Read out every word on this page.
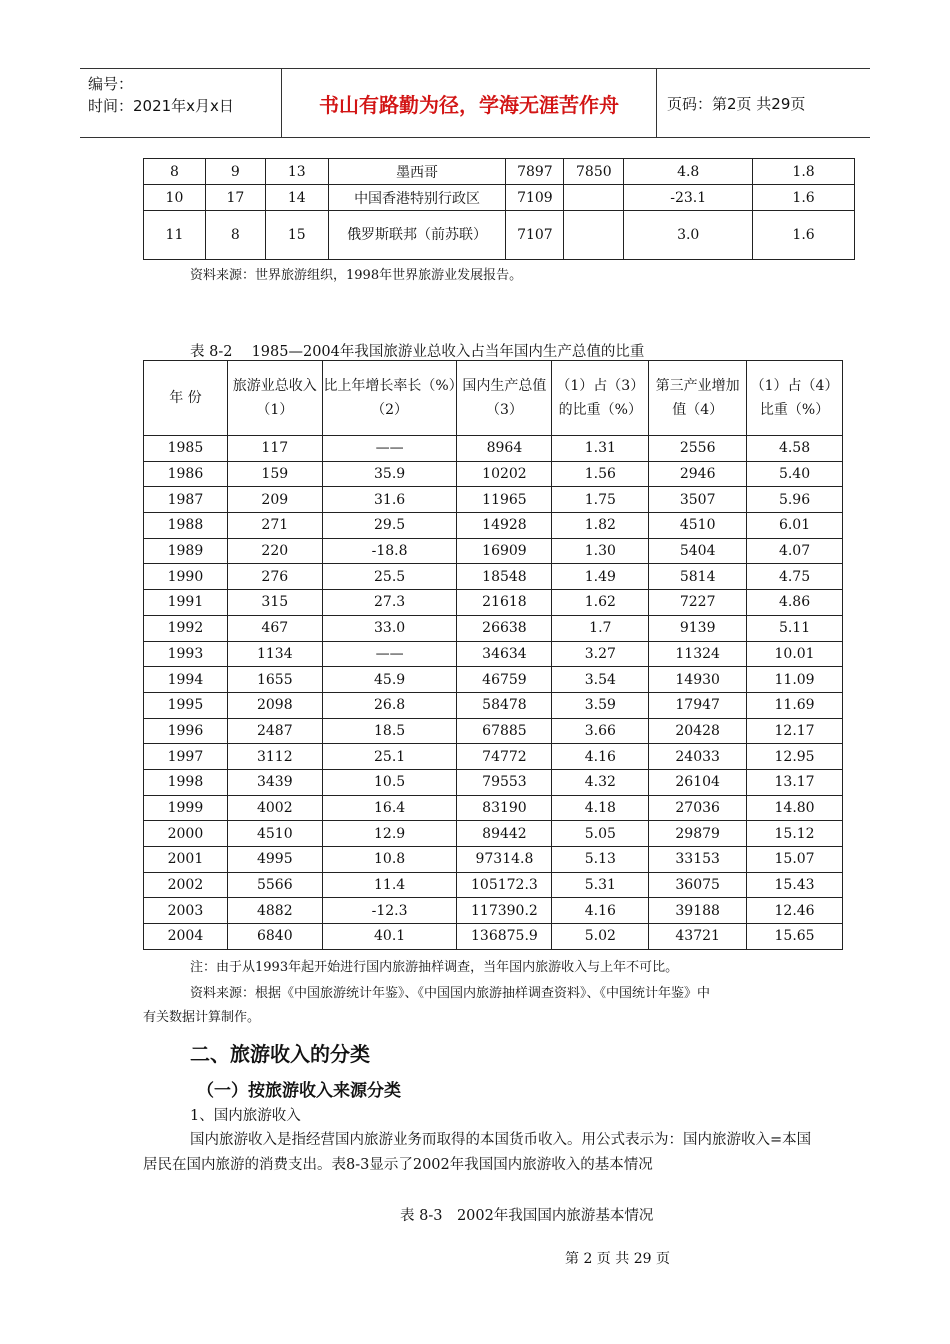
编号：
时间：2021年x月x日	书山有路勤为径，学海无涯苦作舟	页码：第2页 共29页
8	9	13	墨西哥	7897	7850	4.8	1.8
10	17	14	中国香港特别行政区	7109		-23.1	1.6
11	8	15	俄罗斯联邦（前苏联）	7107		3.0	1.6
资料来源：世界旅游组织，1998年世界旅游业发展报告。
表 8-2　 1985—2004年我国旅游业总收入占当年国内生产总值的比重
年 份	旅游业总收入（1）	比上年增长率长（%）（2）	国内生产总值（3）	（1）占（3）的比重（%）	第三产业增加值（4）	（1）占（4）比重（%）
1985	117	——	8964	1.31	2556	4.58
1986	159	35.9	10202	1.56	2946	5.40
1987	209	31.6	11965	1.75	3507	5.96
1988	271	29.5	14928	1.82	4510	6.01
1989	220	-18.8	16909	1.30	5404	4.07
1990	276	25.5	18548	1.49	5814	4.75
1991	315	27.3	21618	1.62	7227	4.86
1992	467	33.0	26638	1.7	9139	5.11
1993	1134	——	34634	3.27	11324	10.01
1994	1655	45.9	46759	3.54	14930	11.09
1995	2098	26.8	58478	3.59	17947	11.69
1996	2487	18.5	67885	3.66	20428	12.17
1997	3112	25.1	74772	4.16	24033	12.95
1998	3439	10.5	79553	4.32	26104	13.17
1999	4002	16.4	83190	4.18	27036	14.80
2000	4510	12.9	89442	5.05	29879	15.12
2001	4995	10.8	97314.8	5.13	33153	15.07
2002	5566	11.4	105172.3	5.31	36075	15.43
2003	4882	-12.3	117390.2	4.16	39188	12.46
2004	6840	40.1	136875.9	5.02	43721	15.65
注：由于从1993年起开始进行国内旅游抽样调查，当年国内旅游收入与上年不可比。
资料来源：根据《中国旅游统计年鉴》、《中国国内旅游抽样调查资料》、《中国统计年鉴》中
有关数据计算制作。
二、旅游收入的分类
（一）按旅游收入来源分类
1、国内旅游收入
国内旅游收入是指经营国内旅游业务而取得的本国货币收入。用公式表示为：国内旅游收入=本国居民在国内旅游的消费支出。表8-3显示了2002年我国国内旅游收入的基本情况
表 8-3　2002年我国国内旅游基本情况
第 2 页 共 29 页
